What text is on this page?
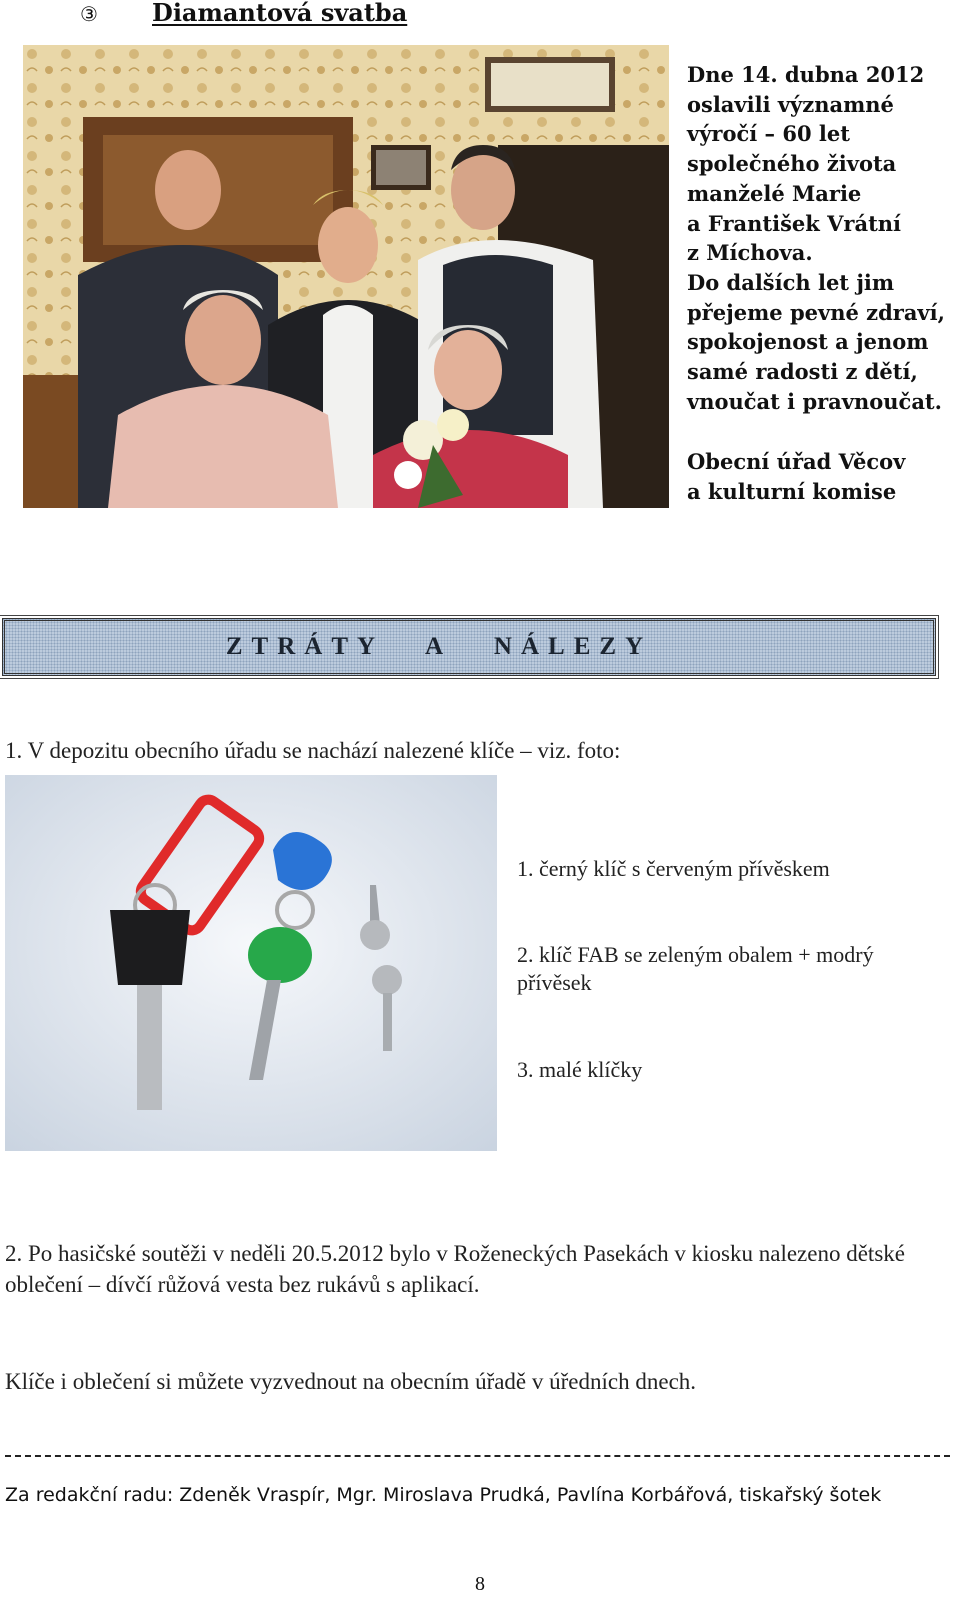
③ Diamantová svatba
Dne 14. dubna 2012
oslavili významné
výročí – 60 let
společného života
manželé Marie
a František Vrátní
z Míchova.
Do dalších let jim
přejeme pevné zdraví,
spokojenost a jenom
samé radosti z dětí,
vnoučat i pravnoučat.
Obecní úřad Věcov
a kulturní komise
ZTRÁTY A NÁLEZY
1. V depozitu obecního úřadu se nachází nalezené klíče – viz. foto:
1. černý klíč s červeným přívěskem
2. klíč FAB se zeleným obalem + modrý přívěsek
3. malé klíčky
2. Po hasičské soutěži v neděli 20.5.2012 bylo v Roženeckých Pasekách v kiosku nalezeno dětské oblečení – dívčí růžová vesta bez rukávů s aplikací.
Klíče i oblečení si můžete vyzvednout na obecním úřadě v úředních dnech.
Za redakční radu: Zdeněk Vraspír, Mgr. Miroslava Prudká, Pavlína Korbářová, tiskařský šotek
8
